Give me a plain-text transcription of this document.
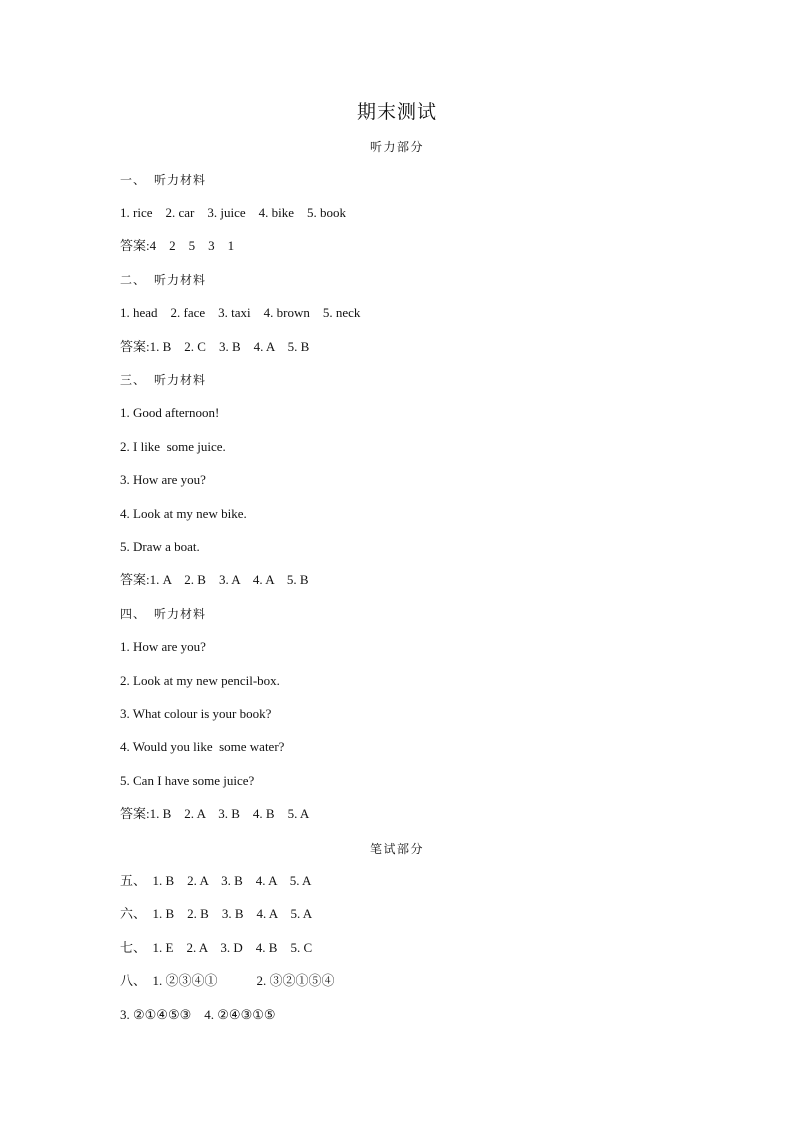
期末测试
听力部分
一、  听力材料
1. rice    2. car    3. juice    4. bike    5. book
答案:4    2    5    3    1
二、  听力材料
1. head    2. face    3. taxi    4. brown    5. neck
答案:1. B    2. C    3. B    4. A    5. B
三、  听力材料
1. Good afternoon!
2. I like  some juice.
3. How are you?
4. Look at my new bike.
5. Draw a boat.
答案:1. A    2. B    3. A    4. A    5. B
四、  听力材料
1. How are you?
2. Look at my new pencil-box.
3. What colour is your book?
4. Would you like  some water?
5. Can I have some juice?
答案:1. B    2. A    3. B    4. B    5. A
笔试部分
五、  1. B    2. A    3. B    4. A    5. A
六、  1. B    2. B    3. B    4. A    5. A
七、  1. E    2. A    3. D    4. B    5. C
八、  1. ②③④①            2. ③②①⑤④
3. ②①④⑤③    4. ②④③①⑤
